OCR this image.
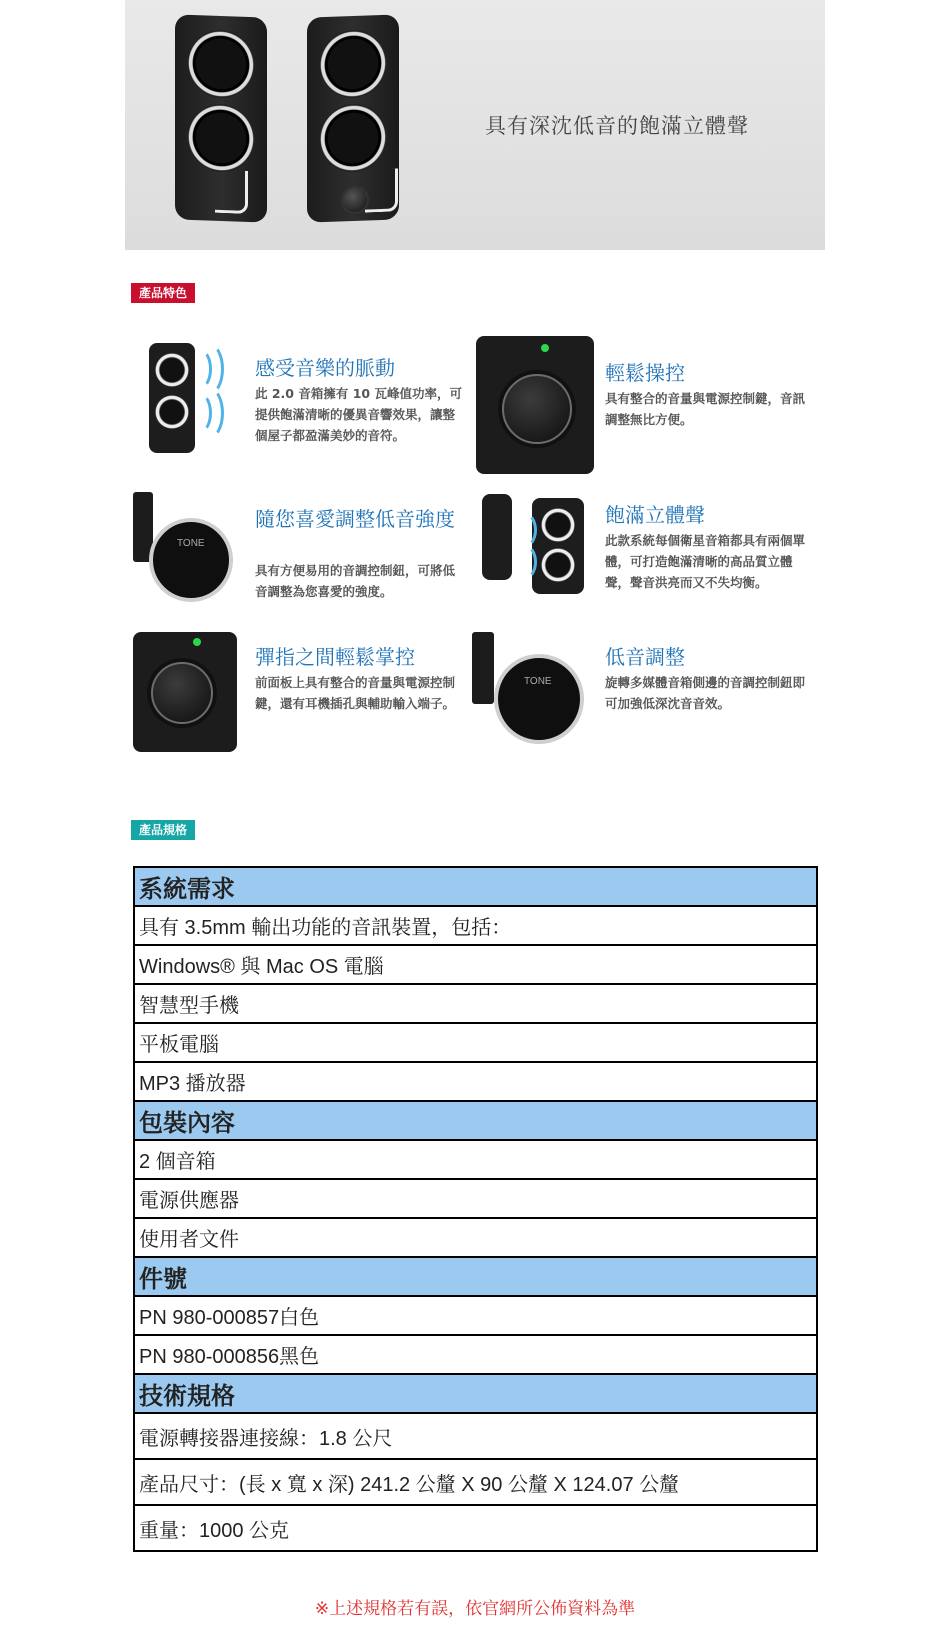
具有深沈低音的飽滿立體聲
產品特色
感受音樂的脈動
此 2.0 音箱擁有 10 瓦峰值功率，可提供飽滿清晰的優異音響效果，讓整個屋子都盈滿美妙的音符。
輕鬆操控
具有整合的音量與電源控制鍵，音訊調整無比方便。
TONE
隨您喜愛調整低音強度
具有方便易用的音調控制鈕，可將低音調整為您喜愛的強度。
飽滿立體聲
此款系統每個衛星音箱都具有兩個單體，可打造飽滿清晰的高品質立體聲，聲音洪亮而又不失均衡。
彈指之間輕鬆掌控
前面板上具有整合的音量與電源控制鍵，還有耳機插孔與輔助輸入端子。
TONE
低音調整
旋轉多媒體音箱側邊的音調控制鈕即可加強低深沈音音效。
產品規格
系統需求
具有 3.5mm 輸出功能的音訊裝置，包括：
Windows® 與 Mac OS 電腦
智慧型手機
平板電腦
MP3 播放器
包裝內容
2 個音箱
電源供應器
使用者文件
件號
PN 980-000857白色
PN 980-000856黑色
技術規格
電源轉接器連接線：1.8 公尺
產品尺寸：(長 x 寬 x 深) 241.2 公釐 X 90 公釐 X 124.07 公釐
重量：1000 公克
※上述規格若有誤，依官網所公佈資料為準
